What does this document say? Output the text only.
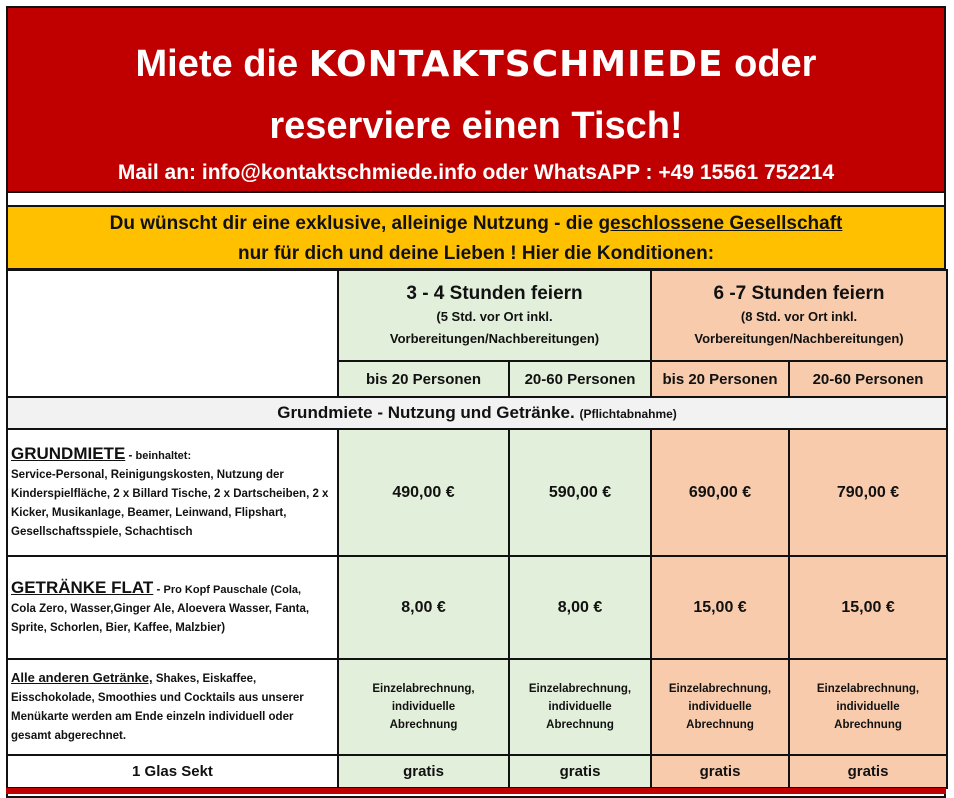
Miete die KONTAKTSCHMIEDE oder
reserviere einen Tisch!
Mail an: info@kontaktschmiede.info oder WhatsAPP : +49 15561 752214
Du wünscht dir eine exklusive, alleinige Nutzung - die geschlossene Gesellschaft
nur für dich und deine Lieben ! Hier die Konditionen:

	3 - 4 Stunden feiern
(5 Std. vor Ort inkl.
Vorbereitungen/Nachbereitungen)		6 -7 Stunden feiern
(8 Std. vor Ort inkl.
Vorbereitungen/Nachbereitungen)	

	bis 20 Personen	20-60 Personen	bis 20 Personen	20-60 Personen
Grundmiete - Nutzung und Getränke. (Pflichtabnahme)				
GRUNDMIETE - beinhaltet:
Service-Personal, Reinigungskosten, Nutzung der Kinderspielfläche, 2 x Billard Tische, 2 x Dartscheiben, 2 x Kicker, Musikanlage, Beamer, Leinwand, Flipshart, Gesellschaftsspiele, Schachtisch	490,00 €	590,00 €	690,00 €	790,00 €
GETRÄNKE FLAT - Pro Kopf Pauschale (Cola,
Cola Zero, Wasser,Ginger Ale, Aloevera Wasser, Fanta, Sprite, Schorlen, Bier, Kaffee, Malzbier)	8,00 €	8,00 €	15,00 €	15,00 €
Alle anderen Getränke, Shakes, Eiskaffee,
Eisschokolade, Smoothies und Cocktails aus unserer Menükarte werden am Ende einzeln individuell oder gesamt abgerechnet.	Einzelabrechnung,
individuelle
Abrechnung	Einzelabrechnung,
individuelle
Abrechnung	Einzelabrechnung,
individuelle
Abrechnung	Einzelabrechnung,
individuelle
Abrechnung
1 Glas Sekt	gratis	gratis	gratis	gratis
